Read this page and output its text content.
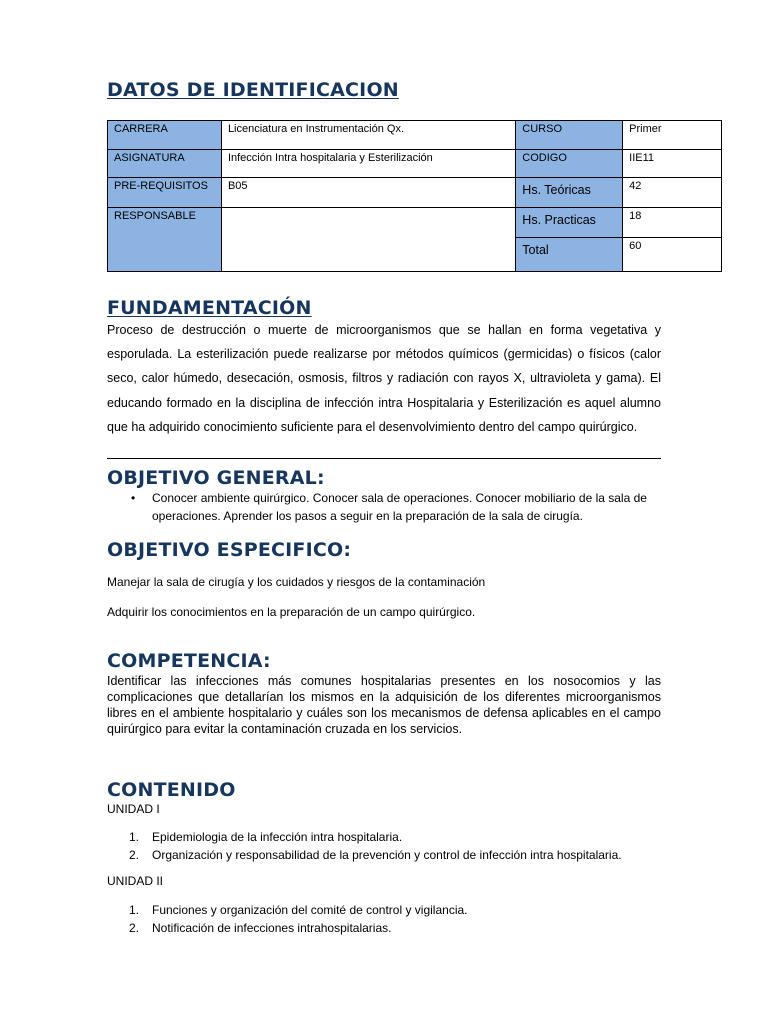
DATOS DE IDENTIFICACION
CARRERA	Licenciatura en Instrumentación Qx.	CURSO	Primer
ASIGNATURA	Infección Intra hospitalaria y Esterilización	CODIGO	IIE11
PRE-REQUISITOS	B05	Hs. Teóricas	42
RESPONSABLE		Hs. Practicas	18
		Total	60
FUNDAMENTACIÓN

Proceso de destrucción o muerte de microorganismos que se hallan en forma vegetativa y esporulada. La esterilización puede realizarse por métodos químicos (germicidas) o físicos (calor seco, calor húmedo, desecación, osmosis, filtros y radiación con rayos X, ultravioleta y gama). El educando formado en la disciplina de infección intra Hospitalaria y Esterilización es aquel alumno que ha adquirido conocimiento suficiente para el desenvolvimiento dentro del campo quirúrgico.

OBJETIVO GENERAL:
• Conocer ambiente quirúrgico. Conocer sala de operaciones. Conocer mobiliario de la sala de operaciones. Aprender los pasos a seguir en la preparación de la sala de cirugía.
OBJETIVO ESPECIFICO:

Manejar la sala de cirugía y los cuidados y riesgos de la contaminación

Adquirir los conocimientos en la preparación de un campo quirúrgico.

COMPETENCIA:

Identificar las infecciones más comunes hospitalarias presentes en los nosocomios y las complicaciones que detallarían los mismos en la adquisición de los diferentes microorganismos libres en el ambiente hospitalario y cuáles son los mecanismos de defensa aplicables en el campo quirúrgico para evitar la contaminación cruzada en los servicios.

CONTENIDO

UNIDAD I

1. Epidemiologia de la infección intra hospitalaria.
2. Organización y responsabilidad de la prevención y control de infección intra hospitalaria.

UNIDAD II

1. Funciones y organización del comité de control y vigilancia.
2. Notificación de infecciones intrahospitalarias.
